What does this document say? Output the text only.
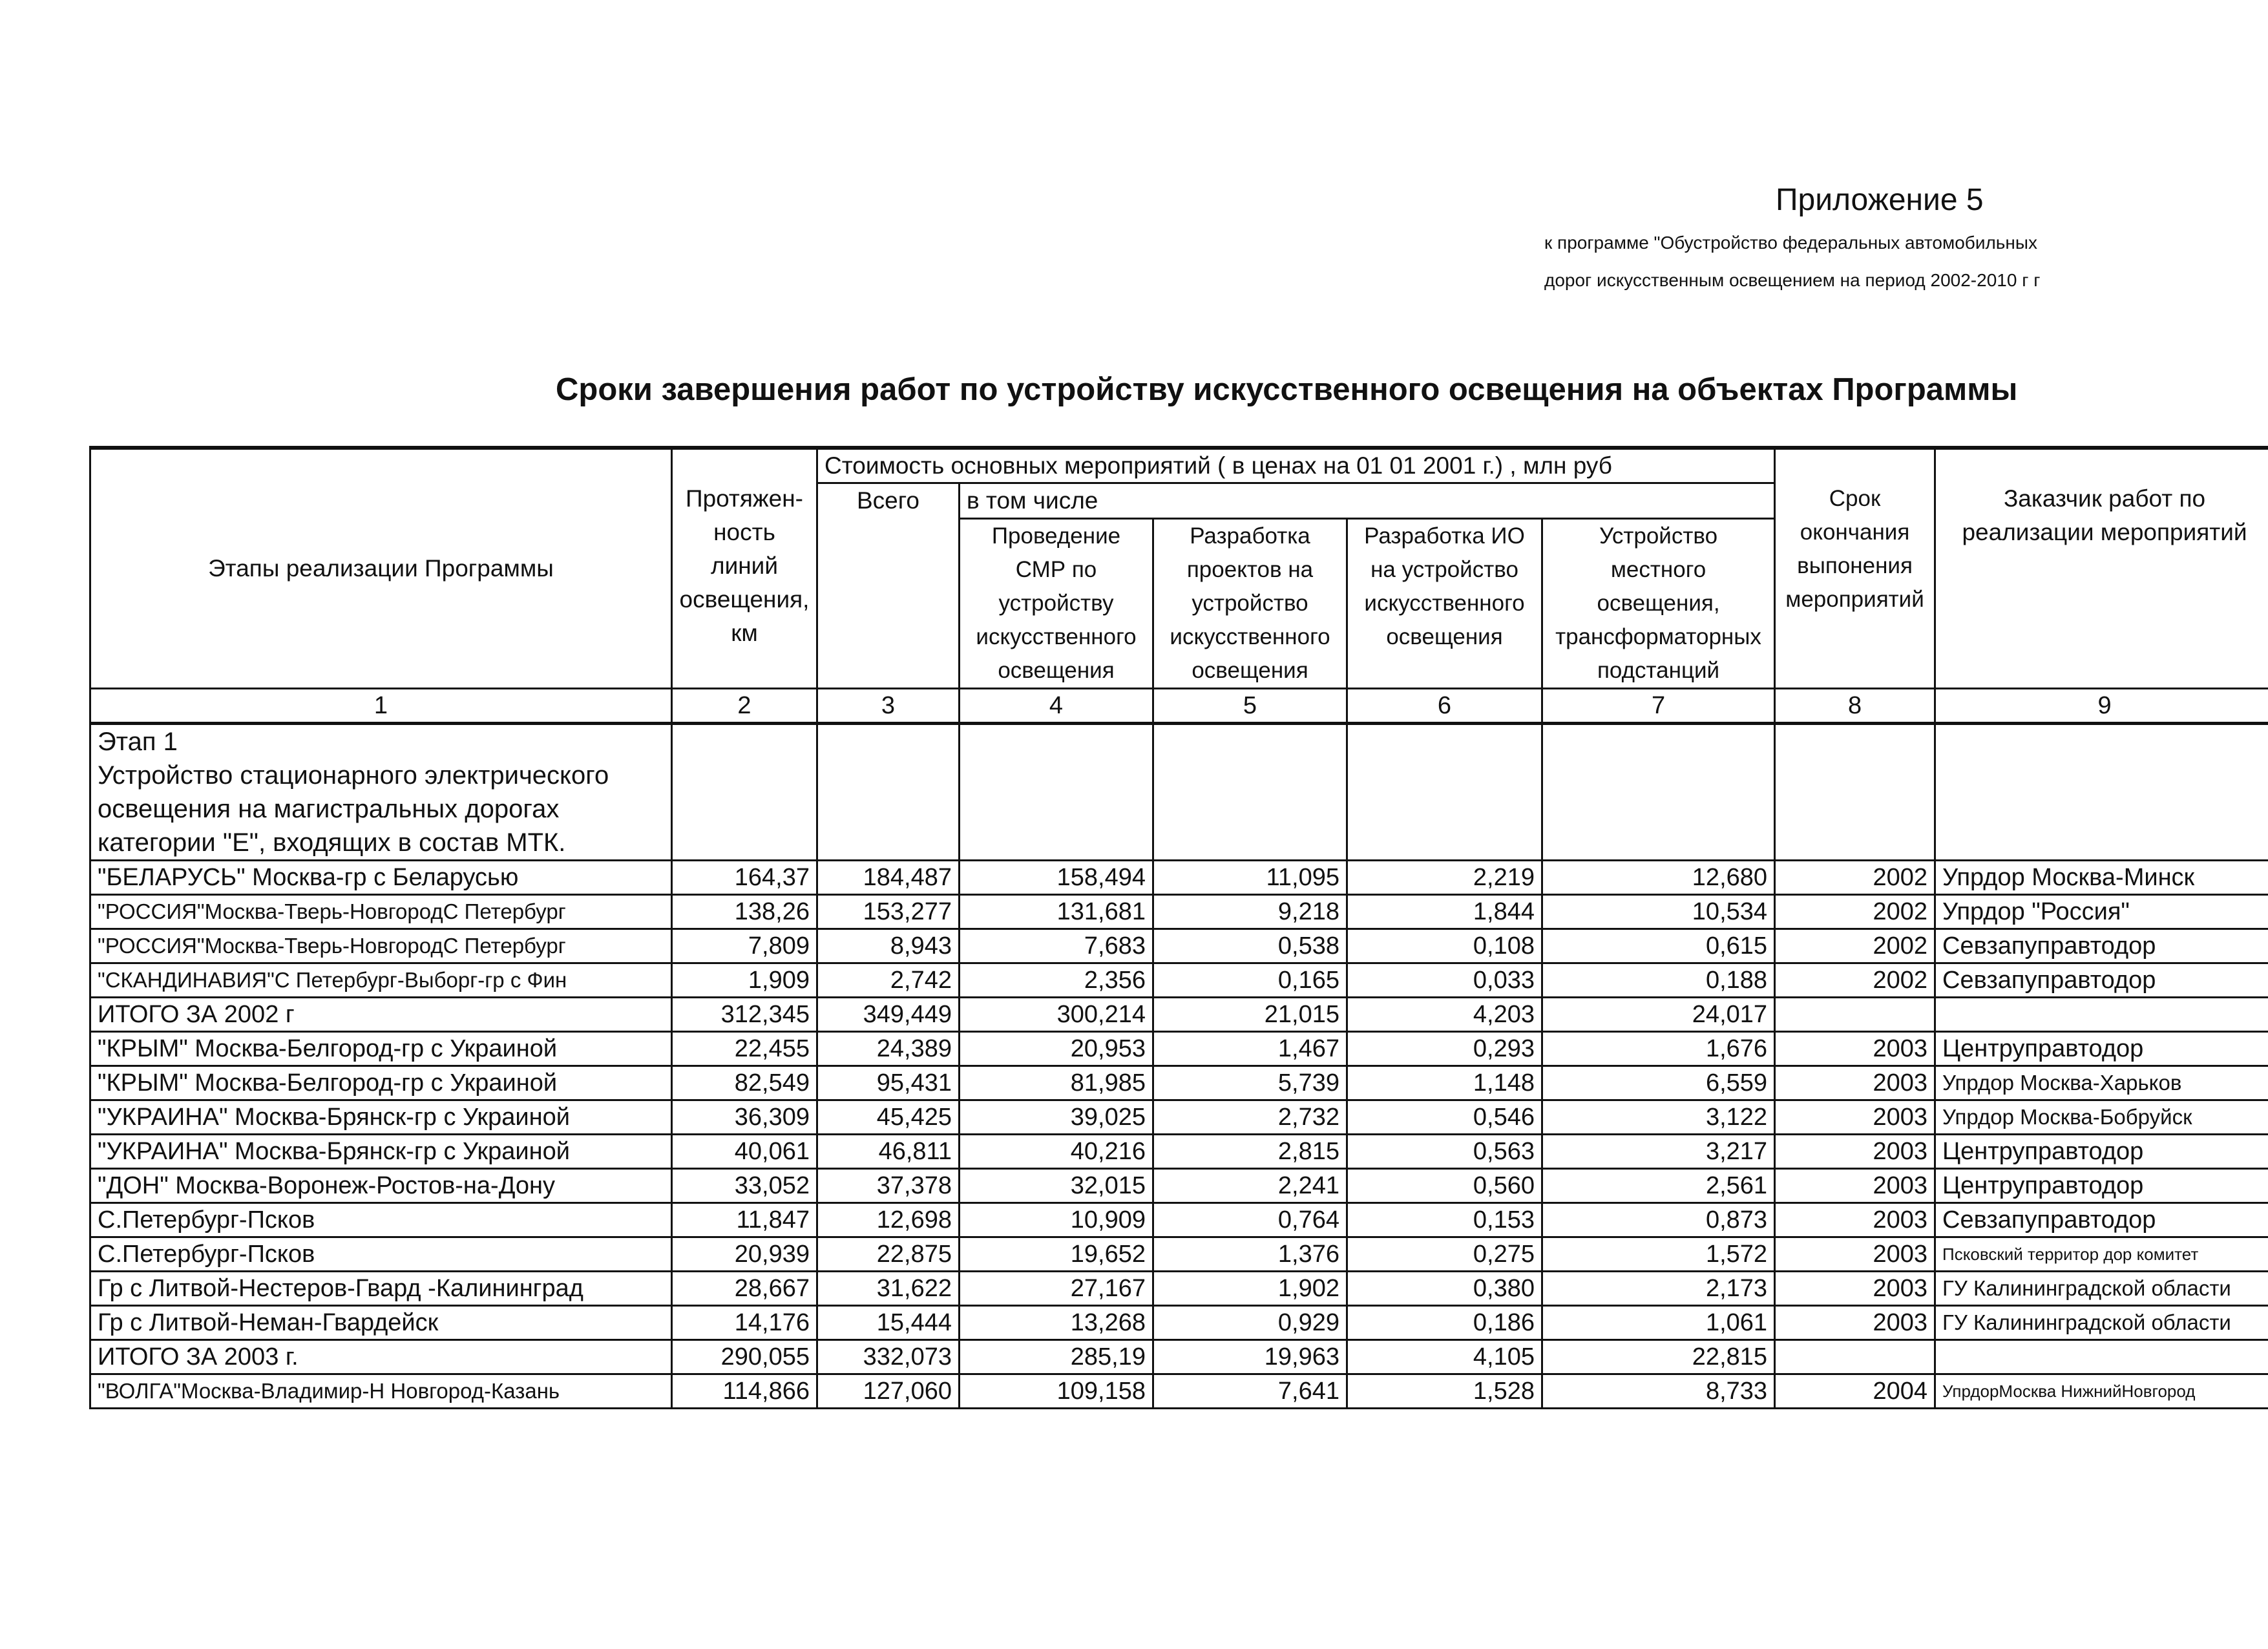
Приложение 5
к программе "Обустройство федеральных автомобильных
дорог искусственным освещением на период 2002-2010 г г
Сроки завершения работ по устройству искусственного освещения на объектах Программы
Этапы реализации Программы	Протяжен-ность линий освещения, км	Стоимость основных мероприятий ( в ценах на 01 01 2001 г.) , млн руб					Срок окончания выпонения мероприятий	Заказчик работ по реализации мероприятий
		Всего	в том числе					
			Проведение СМР по устройству искусственного освещения	Разработка проектов на устройство искусственного освещения	Разработка ИО на устройство искусственного освещения	Устройство местного освещения, трансформаторных подстанций		
1	2	3	4	5	6	7	8	9
Этап 1
Устройство стационарного электрического освещения на магистральных дорогах категории "Е", входящих в состав МТК.								
"БЕЛАРУСЬ" Москва-гр с Беларусью	164,37	184,487	158,494	11,095	2,219	12,680	2002	Упрдор Москва-Минск
"РОССИЯ"Москва-Тверь-НовгородС Петербург	138,26	153,277	131,681	9,218	1,844	10,534	2002	Упрдор "Россия"
"РОССИЯ"Москва-Тверь-НовгородС Петербург	7,809	8,943	7,683	0,538	0,108	0,615	2002	Севзапуправтодор
"СКАНДИНАВИЯ"С Петербург-Выборг-гр с Фин	1,909	2,742	2,356	0,165	0,033	0,188	2002	Севзапуправтодор
ИТОГО ЗА 2002 г	312,345	349,449	300,214	21,015	4,203	24,017		
"КРЫМ" Москва-Белгород-гр с Украиной	22,455	24,389	20,953	1,467	0,293	1,676	2003	Центруправтодор
"КРЫМ" Москва-Белгород-гр с Украиной	82,549	95,431	81,985	5,739	1,148	6,559	2003	Упрдор Москва-Харьков
"УКРАИНА" Москва-Брянск-гр с Украиной	36,309	45,425	39,025	2,732	0,546	3,122	2003	Упрдор Москва-Бобруйск
"УКРАИНА" Москва-Брянск-гр с Украиной	40,061	46,811	40,216	2,815	0,563	3,217	2003	Центруправтодор
"ДОН" Москва-Воронеж-Ростов-на-Дону	33,052	37,378	32,015	2,241	0,560	2,561	2003	Центруправтодор
С.Петербург-Псков	11,847	12,698	10,909	0,764	0,153	0,873	2003	Севзапуправтодор
С.Петербург-Псков	20,939	22,875	19,652	1,376	0,275	1,572	2003	Псковский территор дор комитет
Гр с Литвой-Нестеров-Гвард -Калининград	28,667	31,622	27,167	1,902	0,380	2,173	2003	ГУ Калининградской области
Гр с Литвой-Неман-Гвардейск	14,176	15,444	13,268	0,929	0,186	1,061	2003	ГУ Калининградской области
ИТОГО ЗА 2003 г.	290,055	332,073	285,19	19,963	4,105	22,815		
"ВОЛГА"Москва-Владимир-Н Новгород-Казань	114,866	127,060	109,158	7,641	1,528	8,733	2004	УпрдорМосква НижнийНовгород
